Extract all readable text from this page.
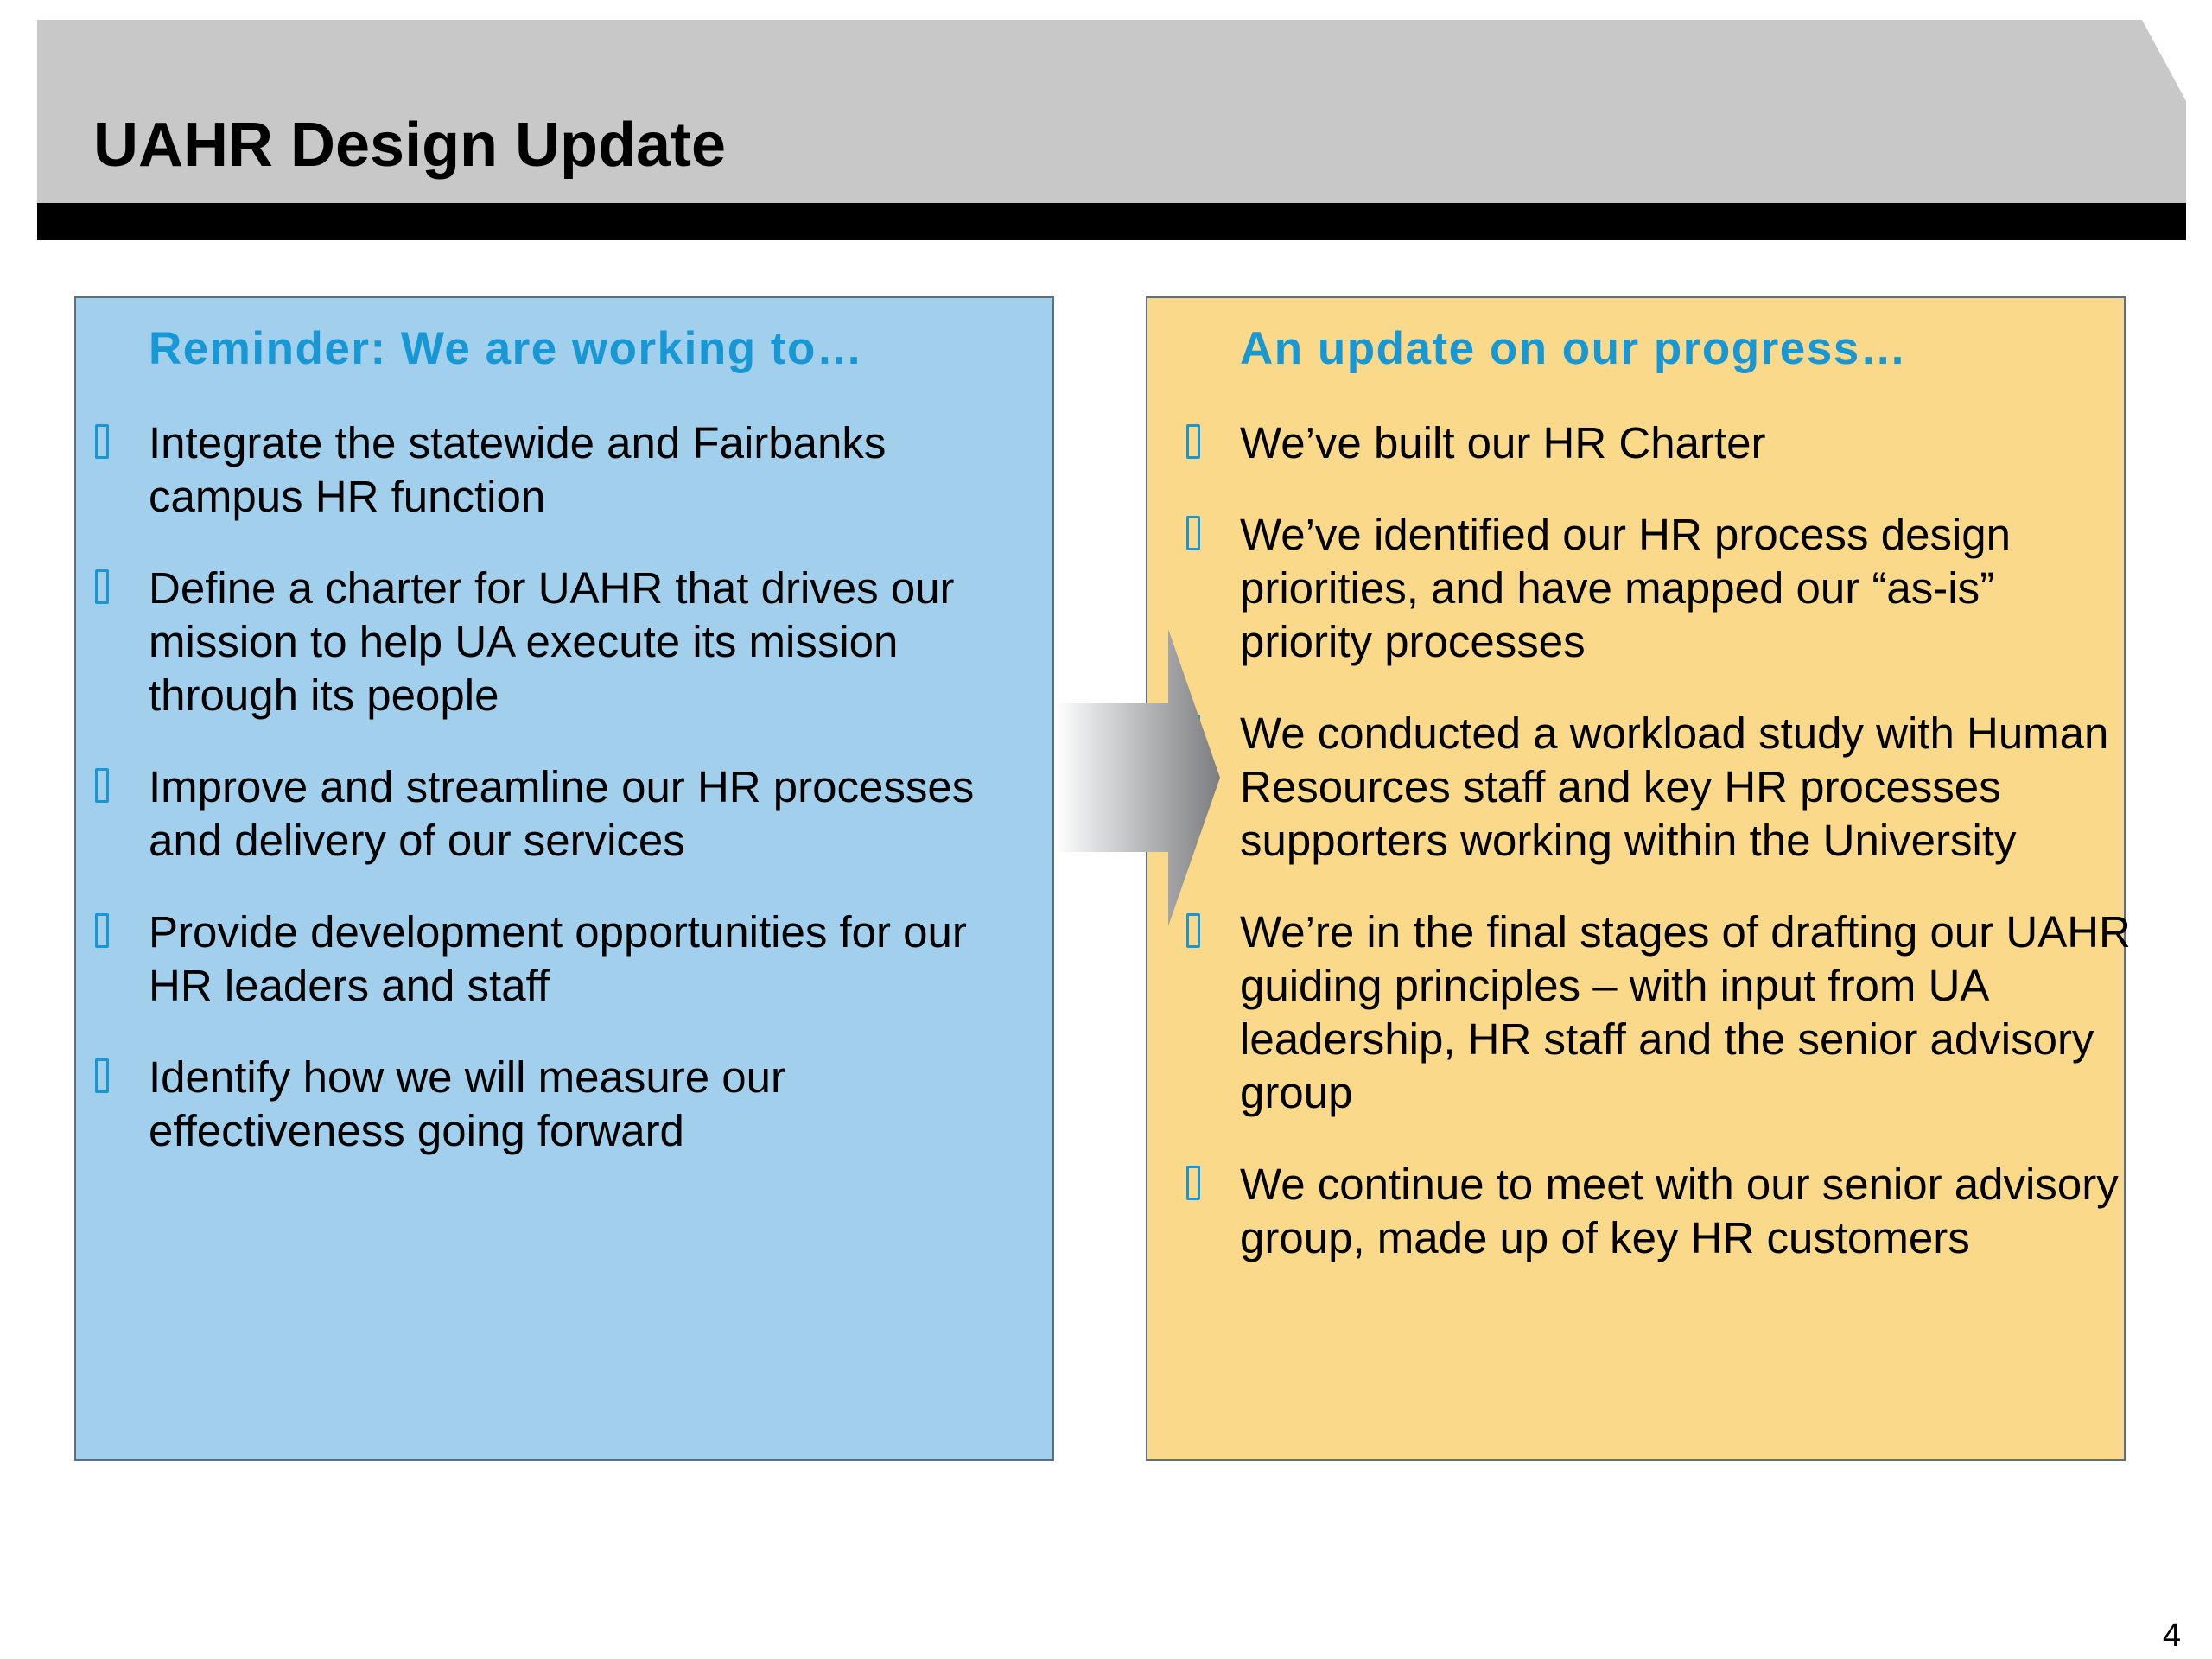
UAHR Design Update
Reminder: We are working to…
Integrate the statewide and Fairbanks campus HR function
Define a charter for UAHR that drives our mission to help UA execute its mission through its people
Improve and streamline our HR processes and delivery of our services
Provide development opportunities for our HR leaders and staff
Identify how we will measure our effectiveness going forward
An update on our progress…
We’ve built our HR Charter
We’ve identified our HR process design priorities, and have mapped our “as-is” priority processes
We conducted a workload study with Human Resources staff and key HR processes supporters working within the University
We’re in the final stages of drafting our UAHR guiding principles – with input from UA leadership, HR staff and the senior advisory group
We continue to meet with our senior advisory group, made up of key HR customers
4
